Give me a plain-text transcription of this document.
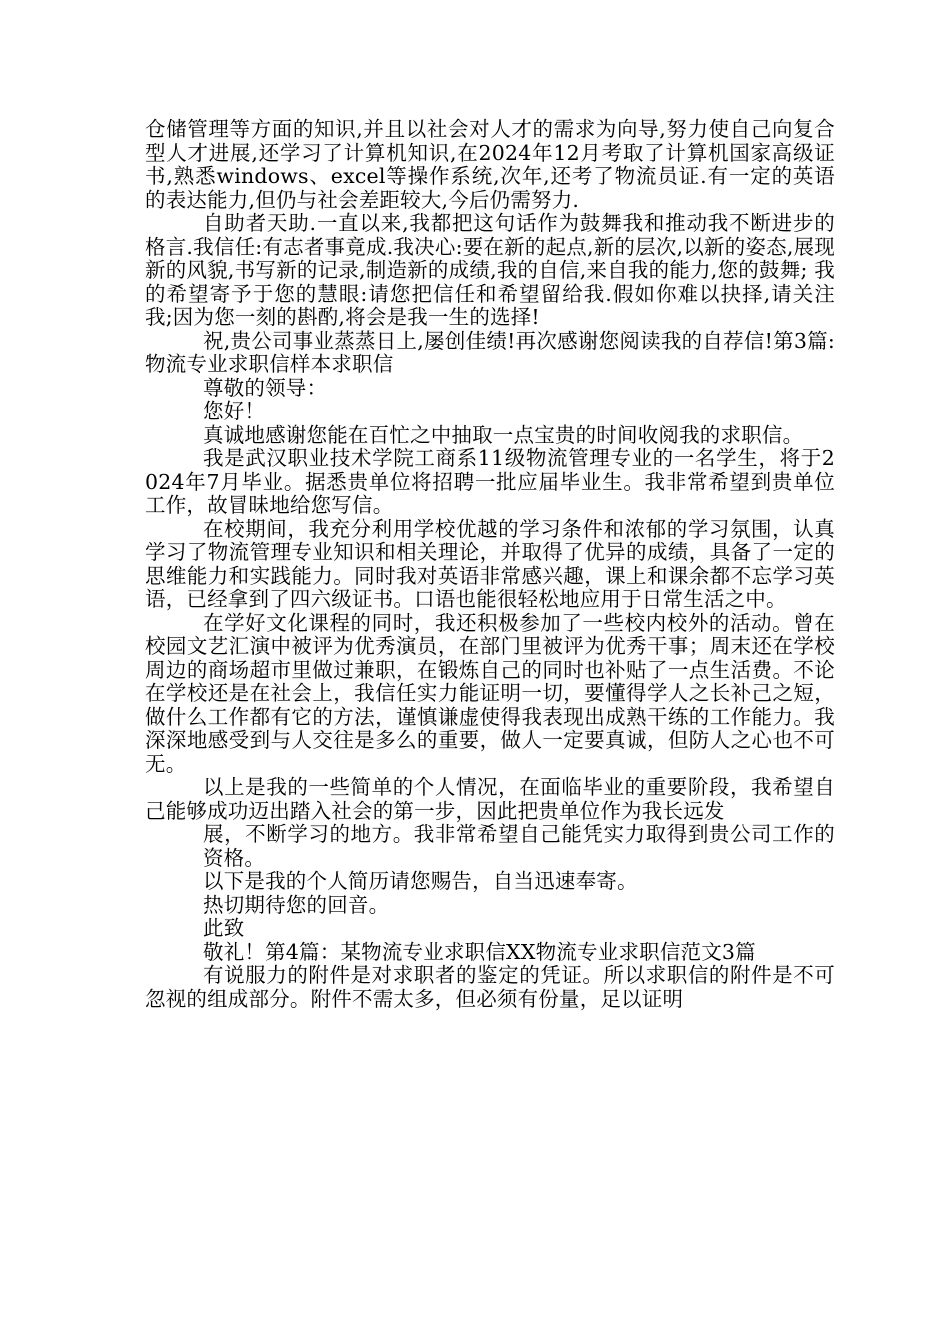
仓储管理等方面的知识,并且以社会对人才的需求为向导,努力使自己向复合型人才进展,还学习了计算机知识,在2024年12月考取了计算机国家高级证书,熟悉windows、excel等操作系统,次年,还考了物流员证.有一定的英语的表达能力,但仍与社会差距较大,今后仍需努力.

自助者天助.一直以来,我都把这句话作为鼓舞我和推动我不断进步的格言.我信任:有志者事竟成.我决心:要在新的起点,新的层次,以新的姿态,展现新的风貌,书写新的记录,制造新的成绩,我的自信,来自我的能力,您的鼓舞; 我的希望寄予于您的慧眼:请您把信任和希望留给我.假如你难以抉择,请关注我;因为您一刻的斟酌,将会是我一生的选择!

祝,贵公司事业蒸蒸日上,屡创佳绩!再次感谢您阅读我的自荐信!第3篇:物流专业求职信样本求职信

尊敬的领导：

您好！

真诚地感谢您能在百忙之中抽取一点宝贵的时间收阅我的求职信。

我是武汉职业技术学院工商系11级物流管理专业的一名学生，将于2024年7月毕业。据悉贵单位将招聘一批应届毕业生。我非常希望到贵单位工作，故冒昧地给您写信。

在校期间，我充分利用学校优越的学习条件和浓郁的学习氛围，认真学习了物流管理专业知识和相关理论，并取得了优异的成绩，具备了一定的思维能力和实践能力。同时我对英语非常感兴趣，课上和课余都不忘学习英语，已经拿到了四六级证书。口语也能很轻松地应用于日常生活之中。

在学好文化课程的同时，我还积极参加了一些校内校外的活动。曾在校园文艺汇演中被评为优秀演员，在部门里被评为优秀干事；周末还在学校周边的商场超市里做过兼职，在锻炼自己的同时也补贴了一点生活费。不论在学校还是在社会上，我信任实力能证明一切，要懂得学人之长补己之短，做什么工作都有它的方法，谨慎谦虚使得我表现出成熟干练的工作能力。我深深地感受到与人交往是多么的重要，做人一定要真诚，但防人之心也不可无。

以上是我的一些简单的个人情况，在面临毕业的重要阶段，我希望自己能够成功迈出踏入社会的第一步，因此把贵单位作为我长远发

展，不断学习的地方。我非常希望自己能凭实力取得到贵公司工作的资格。

以下是我的个人简历请您赐告，自当迅速奉寄。

热切期待您的回音。

此致

敬礼！第4篇：某物流专业求职信XX物流专业求职信范文3篇

有说服力的附件是对求职者的鉴定的凭证。所以求职信的附件是不可忽视的组成部分。附件不需太多，但必须有份量，足以证明
